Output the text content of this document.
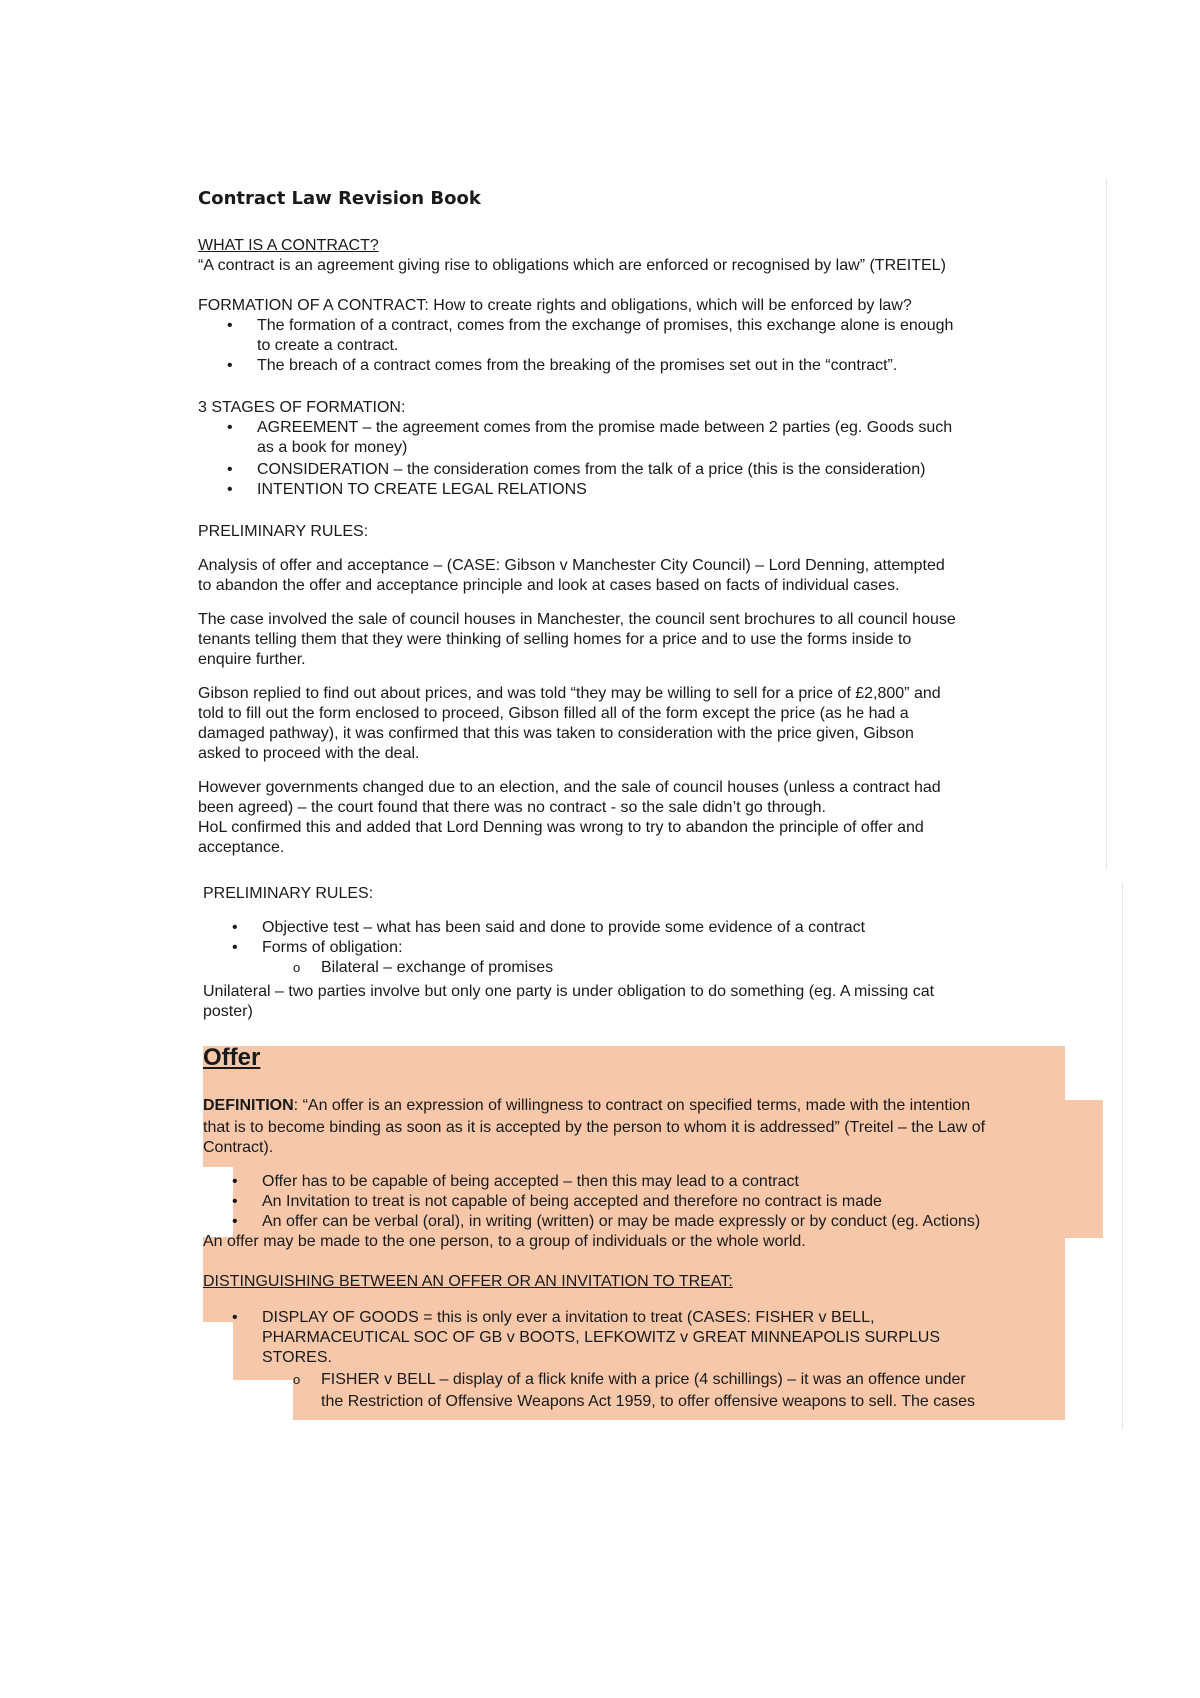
Contract Law Revision Book
WHAT IS A CONTRACT?
“A contract is an agreement giving rise to obligations which are enforced or recognised by law” (TREITEL)
FORMATION OF A CONTRACT: How to create rights and obligations, which will be enforced by law?
• The formation of a contract, comes from the exchange of promises, this exchange alone is enough
to create a contract.
• The breach of a contract comes from the breaking of the promises set out in the “contract”.
3 STAGES OF FORMATION:
• AGREEMENT – the agreement comes from the promise made between 2 parties (eg. Goods such
as a book for money)
• CONSIDERATION – the consideration comes from the talk of a price (this is the consideration)
• INTENTION TO CREATE LEGAL RELATIONS
PRELIMINARY RULES:
Analysis of offer and acceptance – (CASE: Gibson v Manchester City Council) – Lord Denning, attempted
to abandon the offer and acceptance principle and look at cases based on facts of individual cases.
The case involved the sale of council houses in Manchester, the council sent brochures to all council house
tenants telling them that they were thinking of selling homes for a price and to use the forms inside to
enquire further.
Gibson replied to find out about prices, and was told “they may be willing to sell for a price of £2,800” and
told to fill out the form enclosed to proceed, Gibson filled all of the form except the price (as he had a
damaged pathway), it was confirmed that this was taken to consideration with the price given, Gibson
asked to proceed with the deal.
However governments changed due to an election, and the sale of council houses (unless a contract had
been agreed) – the court found that there was no contract - so the sale didn’t go through.
HoL confirmed this and added that Lord Denning was wrong to try to abandon the principle of offer and
acceptance.
PRELIMINARY RULES:
• Objective test – what has been said and done to provide some evidence of a contract
• Forms of obligation:
o Bilateral – exchange of promises
Unilateral – two parties involve but only one party is under obligation to do something (eg. A missing cat
poster)
Offer
DEFINITION: “An offer is an expression of willingness to contract on specified terms, made with the intention
that is to become binding as soon as it is accepted by the person to whom it is addressed” (Treitel – the Law of
Contract).
• Offer has to be capable of being accepted – then this may lead to a contract
• An Invitation to treat is not capable of being accepted and therefore no contract is made
• An offer can be verbal (oral), in writing (written) or may be made expressly or by conduct (eg. Actions)
An offer may be made to the one person, to a group of individuals or the whole world.
DISTINGUISHING BETWEEN AN OFFER OR AN INVITATION TO TREAT:
• DISPLAY OF GOODS = this is only ever a invitation to treat (CASES: FISHER v BELL,
PHARMACEUTICAL SOC OF GB v BOOTS, LEFKOWITZ v GREAT MINNEAPOLIS SURPLUS
STORES.
o FISHER v BELL – display of a flick knife with a price (4 schillings) – it was an offence under
the Restriction of Offensive Weapons Act 1959, to offer offensive weapons to sell. The cases
